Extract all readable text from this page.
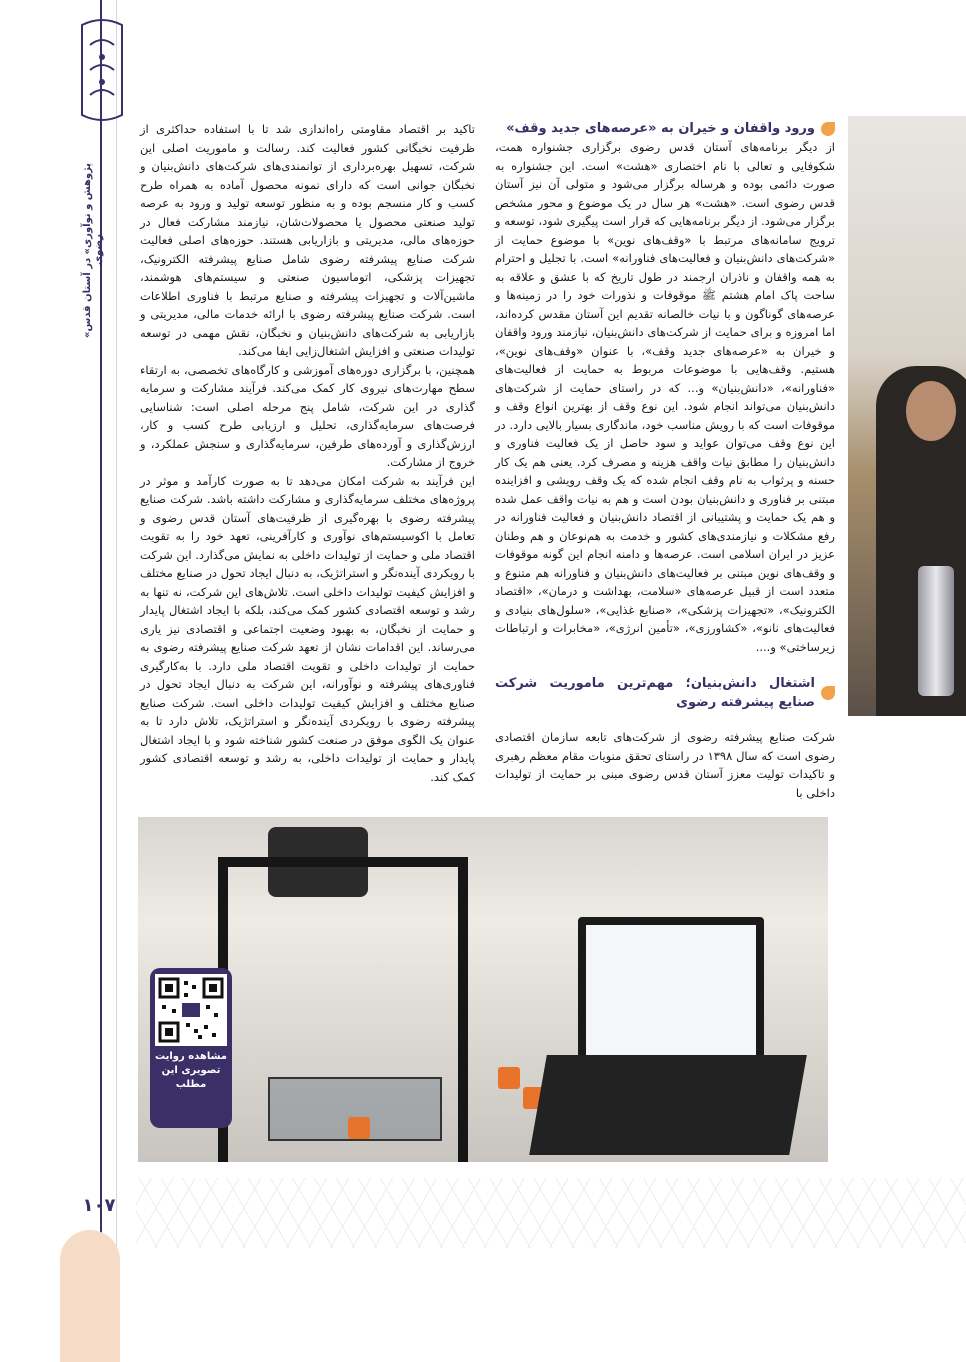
«پژوهش و نوآوری» در آستان قدس رضوی
۱۰۷
ورود واقفان و خیران به «عرصه‌های جدید وقف»

از دیگر برنامه‌های آستان قدس رضوی برگزاری جشنواره همت، شکوفایی و تعالی با نام اختصاری «هشت» است. این جشنواره به صورت دائمی بوده و هرساله برگزار می‌شود و متولی آن نیز آستان قدس رضوی است. «هشت» هر سال در یک موضوع و محور مشخص برگزار می‌شود. از دیگر برنامه‌هایی که قرار است پیگیری شود، توسعه و ترویج سامانه‌های مرتبط با «وقف‌های نوین» با موضوع حمایت از «شرکت‌های دانش‌بنیان و فعالیت‌های فناورانه» است. با تجلیل و احترام به همه واقفان و ناذران ارجمند در طول تاریخ که با عشق و علاقه به ساحت پاک امام هشتم ﷺ موقوفات و نذورات خود را در زمینه‌ها و عرصه‌های گوناگون و با نیات خالصانه تقدیم این آستان مقدس کرده‌اند، اما امروزه و برای حمایت از شرکت‌های دانش‌بنیان، نیازمند ورود واقفان و خیران به «عرصه‌های جدید وقف»، با عنوان «وقف‌های نوین»، هستیم. وقف‌هایی با موضوعات مربوط به حمایت از فعالیت‌های «فناورانه»، «دانش‌بنیان» و... که در راستای حمایت از شرکت‌های دانش‌بنیان می‌تواند انجام شود. این نوع وقف از بهترین انواع وقف و موقوفات است که با رویش مناسب خود، ماندگاری بسیار بالایی دارد. در این نوع وقف می‌توان عواید و سود حاصل از یک فعالیت فناوری و دانش‌بنیان را مطابق نیات واقف هزینه و مصرف کرد. یعنی هم یک کار حسنه و پرثواب به نام وقف انجام شده که یک وقف رویشی و افزاینده مبتنی بر فناوری و دانش‌بنیان بودن است و هم به نیات واقف عمل شده و هم یک حمایت و پشتیبانی از اقتصاد دانش‌بنیان و فعالیت فناورانه در رفع مشکلات و نیازمندی‌های کشور و خدمت به هم‌نوعان و هم وطنان عزیز در ایران اسلامی است. عرصه‌ها و دامنه انجام این گونه موقوفات و وقف‌های نوین مبتنی بر فعالیت‌های دانش‌بنیان و فناورانه هم متنوع و متعدد است از قبیل عرصه‌های «سلامت، بهداشت و درمان»، «اقتصاد الکترونیک»، «تجهیزات پزشکی»، «صنایع غذایی»، «سلول‌های بنیادی و فعالیت‌های نانو»، «کشاورزی»، «تأمین انرژی»، «مخابرات و ارتباطات زیرساختی» و....

اشتغال دانش‌بنیان؛ مهم‌ترین ماموریت شرکت صنایع پیشرفته رضوی
شرکت صنایع پیشرفته رضوی از شرکت‌های تابعه سازمان اقتصادی رضوی است که سال ۱۳۹۸ در راستای تحقق منویات مقام معظم رهبری و تاکیدات تولیت معزز آستان قدس رضوی مبنی بر حمایت از تولیدات داخلی با

تاکید بر اقتصاد مقاومتی راه‌اندازی شد تا با استفاده حداکثری از ظرفیت نخبگانی کشور فعالیت کند. رسالت و ماموریت اصلی این شرکت، تسهیل بهره‌برداری از توانمندی‌های شرکت‌های دانش‌بنیان و نخبگان جوانی است که دارای نمونه محصول آماده به همراه طرح کسب و کار منسجم بوده و به منظور توسعه تولید و ورود به عرصه تولید صنعتی محصول یا محصولات‌شان، نیازمند مشارکت فعال در حوزه‌های مالی، مدیریتی و بازاریابی هستند. حوزه‌های اصلی فعالیت شرکت صنایع پیشرفته رضوی شامل صنایع پیشرفته الکترونیک، تجهیزات پزشکی، اتوماسیون صنعتی و سیستم‌های هوشمند، ماشین‌آلات و تجهیزات پیشرفته و صنایع مرتبط با فناوری اطلاعات است. شرکت صنایع پیشرفته رضوی با ارائه خدمات مالی، مدیریتی و بازاریابی به شرکت‌های دانش‌بنیان و نخبگان، نقش مهمی در توسعه تولیدات صنعتی و افزایش اشتغال‌زایی ایفا می‌کند.

همچنین، با برگزاری دوره‌های آموزشی و کارگاه‌های تخصصی، به ارتقاء سطح مهارت‌های نیروی کار کمک می‌کند. فرآیند مشارکت و سرمایه گذاری در این شرکت، شامل پنج مرحله اصلی است: شناسایی فرصت‌های سرمایه‌گذاری، تحلیل و ارزیابی طرح کسب و کار، ارزش‌گذاری و آورده‌های طرفین، سرمایه‌گذاری و سنجش عملکرد، و خروج از مشارکت.

این فرآیند به شرکت امکان می‌دهد تا به صورت کارآمد و موثر در پروژه‌های مختلف سرمایه‌گذاری و مشارکت داشته باشد. شرکت صنایع پیشرفته رضوی با بهره‌گیری از ظرفیت‌های آستان قدس رضوی و تعامل با اکوسیستم‌های نوآوری و کارآفرینی، تعهد خود را به تقویت اقتصاد ملی و حمایت از تولیدات داخلی به نمایش می‌گذارد. این شرکت با رویکردی آینده‌نگر و استراتژیک، به دنبال ایجاد تحول در صنایع مختلف و افزایش کیفیت تولیدات داخلی است. تلاش‌های این شرکت، نه تنها به رشد و توسعه اقتصادی کشور کمک می‌کند، بلکه با ایجاد اشتغال پایدار و حمایت از نخبگان، به بهبود وضعیت اجتماعی و اقتصادی نیز یاری می‌رساند. این اقدامات نشان از تعهد شرکت صنایع پیشرفته رضوی به حمایت از تولیدات داخلی و تقویت اقتصاد ملی دارد. با به‌کارگیری فناوری‌های پیشرفته و نوآورانه، این شرکت به دنبال ایجاد تحول در صنایع مختلف و افزایش کیفیت تولیدات داخلی است. شرکت صنایع پیشرفته رضوی با رویکردی آینده‌نگر و استراتژیک، تلاش دارد تا به عنوان یک الگوی موفق در صنعت کشور شناخته شود و با ایجاد اشتغال پایدار و حمایت از تولیدات داخلی، به رشد و توسعه اقتصادی کشور کمک کند.

مشاهده روایت تصویری این مطلب
